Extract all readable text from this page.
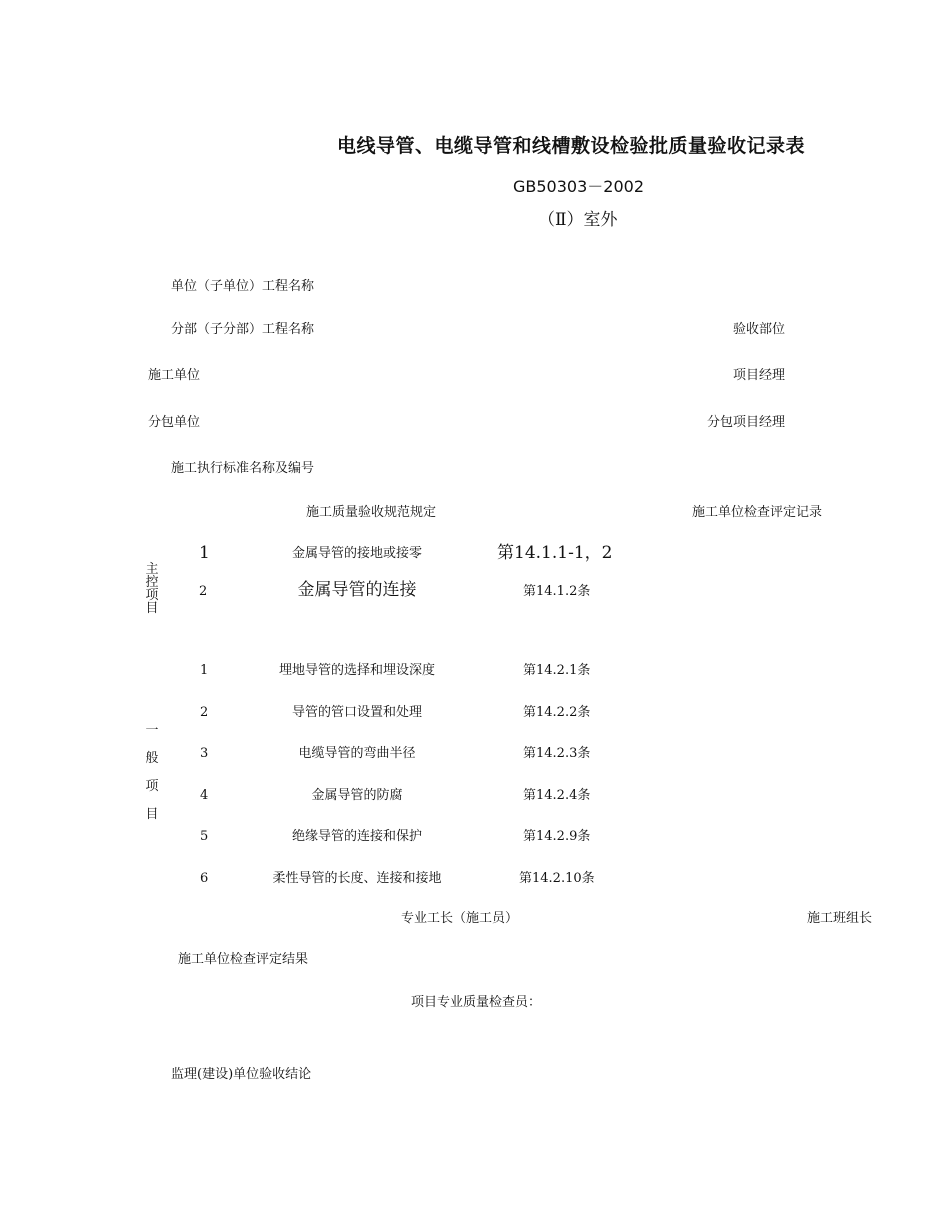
电线导管、电缆导管和线槽敷设检验批质量验收记录表
GB50303－2002
（Ⅱ）室外
单位（子单位）工程名称
分部（子分部）工程名称	验收部位
施工单位	项目经理
分包单位	分包项目经理
施工执行标准名称及编号
施工质量验收规范规定	施工单位检查评定记录
主
控
项
目
1	金属导管的接地或接零	第14.1.1-1，2
2	金属导管的连接	第14.1.2条
一
般
项
目
1	埋地导管的选择和埋设深度	第14.2.1条
2	导管的管口设置和处理	第14.2.2条
3	电缆导管的弯曲半径	第14.2.3条
4	金属导管的防腐	第14.2.4条
5	绝缘导管的连接和保护	第14.2.9条
6	柔性导管的长度、连接和接地	第14.2.10条
专业工长（施工员）	施工班组长
施工单位检查评定结果
项目专业质量检查员：
监理(建设)单位验收结论
